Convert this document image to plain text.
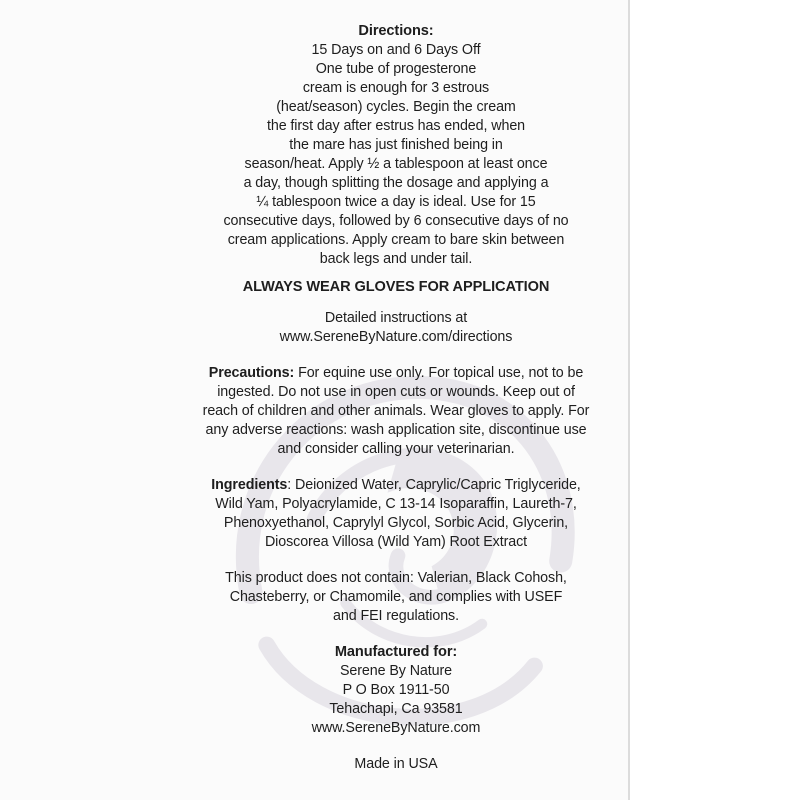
Directions:
15 Days on and 6 Days Off
One tube of progesterone
cream is enough for 3 estrous
(heat/season) cycles. Begin the cream
the first day after estrus has ended, when
the mare has just finished being in
season/heat. Apply ½ a tablespoon at least once
a day, though splitting the dosage and applying a
¼ tablespoon twice a day is ideal. Use for 15
consecutive days, followed by 6 consecutive days of no
cream applications. Apply cream to bare skin between
back legs and under tail.
ALWAYS WEAR GLOVES FOR APPLICATION
Detailed instructions at
www.SereneByNature.com/directions
Precautions: For equine use only. For topical use, not to be
ingested. Do not use in open cuts or wounds. Keep out of
reach of children and other animals. Wear gloves to apply. For
any adverse reactions: wash application site, discontinue use
and consider calling your veterinarian.
Ingredients: Deionized Water, Caprylic/Capric Triglyceride,
Wild Yam, Polyacrylamide, C 13-14 Isoparaffin, Laureth-7,
Phenoxyethanol, Caprylyl Glycol, Sorbic Acid, Glycerin,
Dioscorea Villosa (Wild Yam) Root Extract
This product does not contain: Valerian, Black Cohosh,
Chasteberry, or Chamomile, and complies with USEF
and FEI regulations.
Manufactured for:
Serene By Nature
P O Box 1911-50
Tehachapi, Ca 93581
www.SereneByNature.com
Made in USA
